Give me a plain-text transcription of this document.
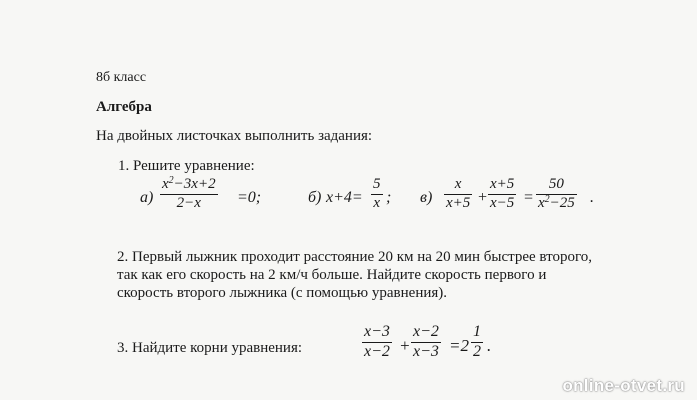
8б класс
Алгебра
На двойных листочках выполнить задания:
1. Решите уравнение:
а)
$x^2-3x+2$
2−x =0;	б) x+4=
5
x ; в)
x
x+5 +
x+5
x−5 =
50
$x^2-25$ .
2. Первый лыжник проходит расстояние 20 км на 20 мин быстрее второго,
так как его скорость на 2 км/ч больше. Найдите скорость первого и
скорость второго лыжника (с помощью уравнения).
3. Найдите корни уравнения:
x−3
x−2 +
x−2
x−3 =2
1
2 .
online-otvet.ru
